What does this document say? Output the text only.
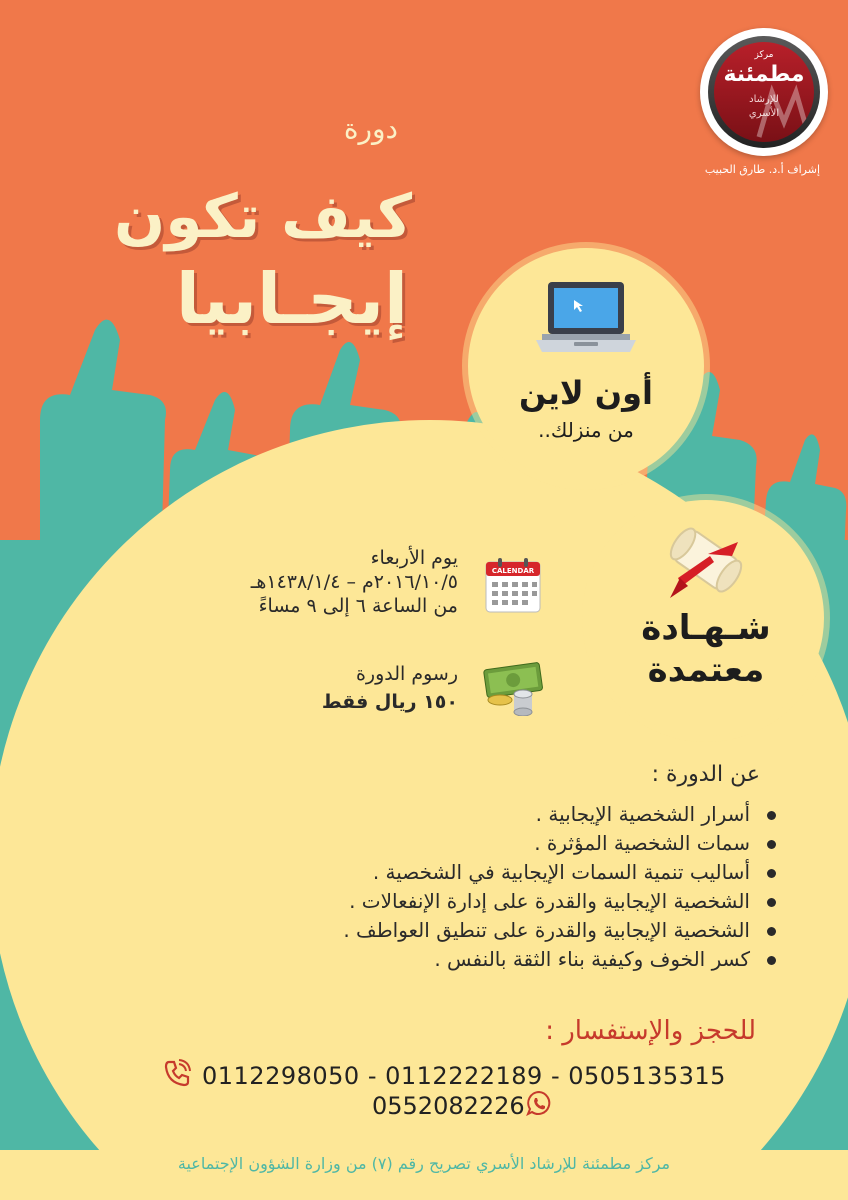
مركز
مطمئنة
للإرشاد
الأسري
إشراف أ.د. طارق الحبيب
دورة
كيف تكون
إيجـابيا
أون لاين
من منزلك..
شـهـادة
معتمدة
CALENDAR
يوم الأربعاء
٢٠١٦/١٠/٥م – ١٤٣٨/١/٤هـ
من الساعة ٦ إلى ٩ مساءً
رسوم الدورة
١٥٠ ريال فقط
عن الدورة :
أسرار الشخصية الإيجابية .
سمات الشخصية المؤثرة .
أساليب تنمية السمات الإيجابية في الشخصية .
الشخصية الإيجابية والقدرة على إدارة الإنفعالات .
الشخصية الإيجابية والقدرة على تنطيق العواطف .
كسر الخوف وكيفية بناء الثقة بالنفس .
للحجز والإستفسار :
0112298050 - 0112222189 - 0505135315
0552082226
مركز مطمئنة للإرشاد الأسري تصريح رقم (٧) من وزارة الشؤون الإجتماعية
